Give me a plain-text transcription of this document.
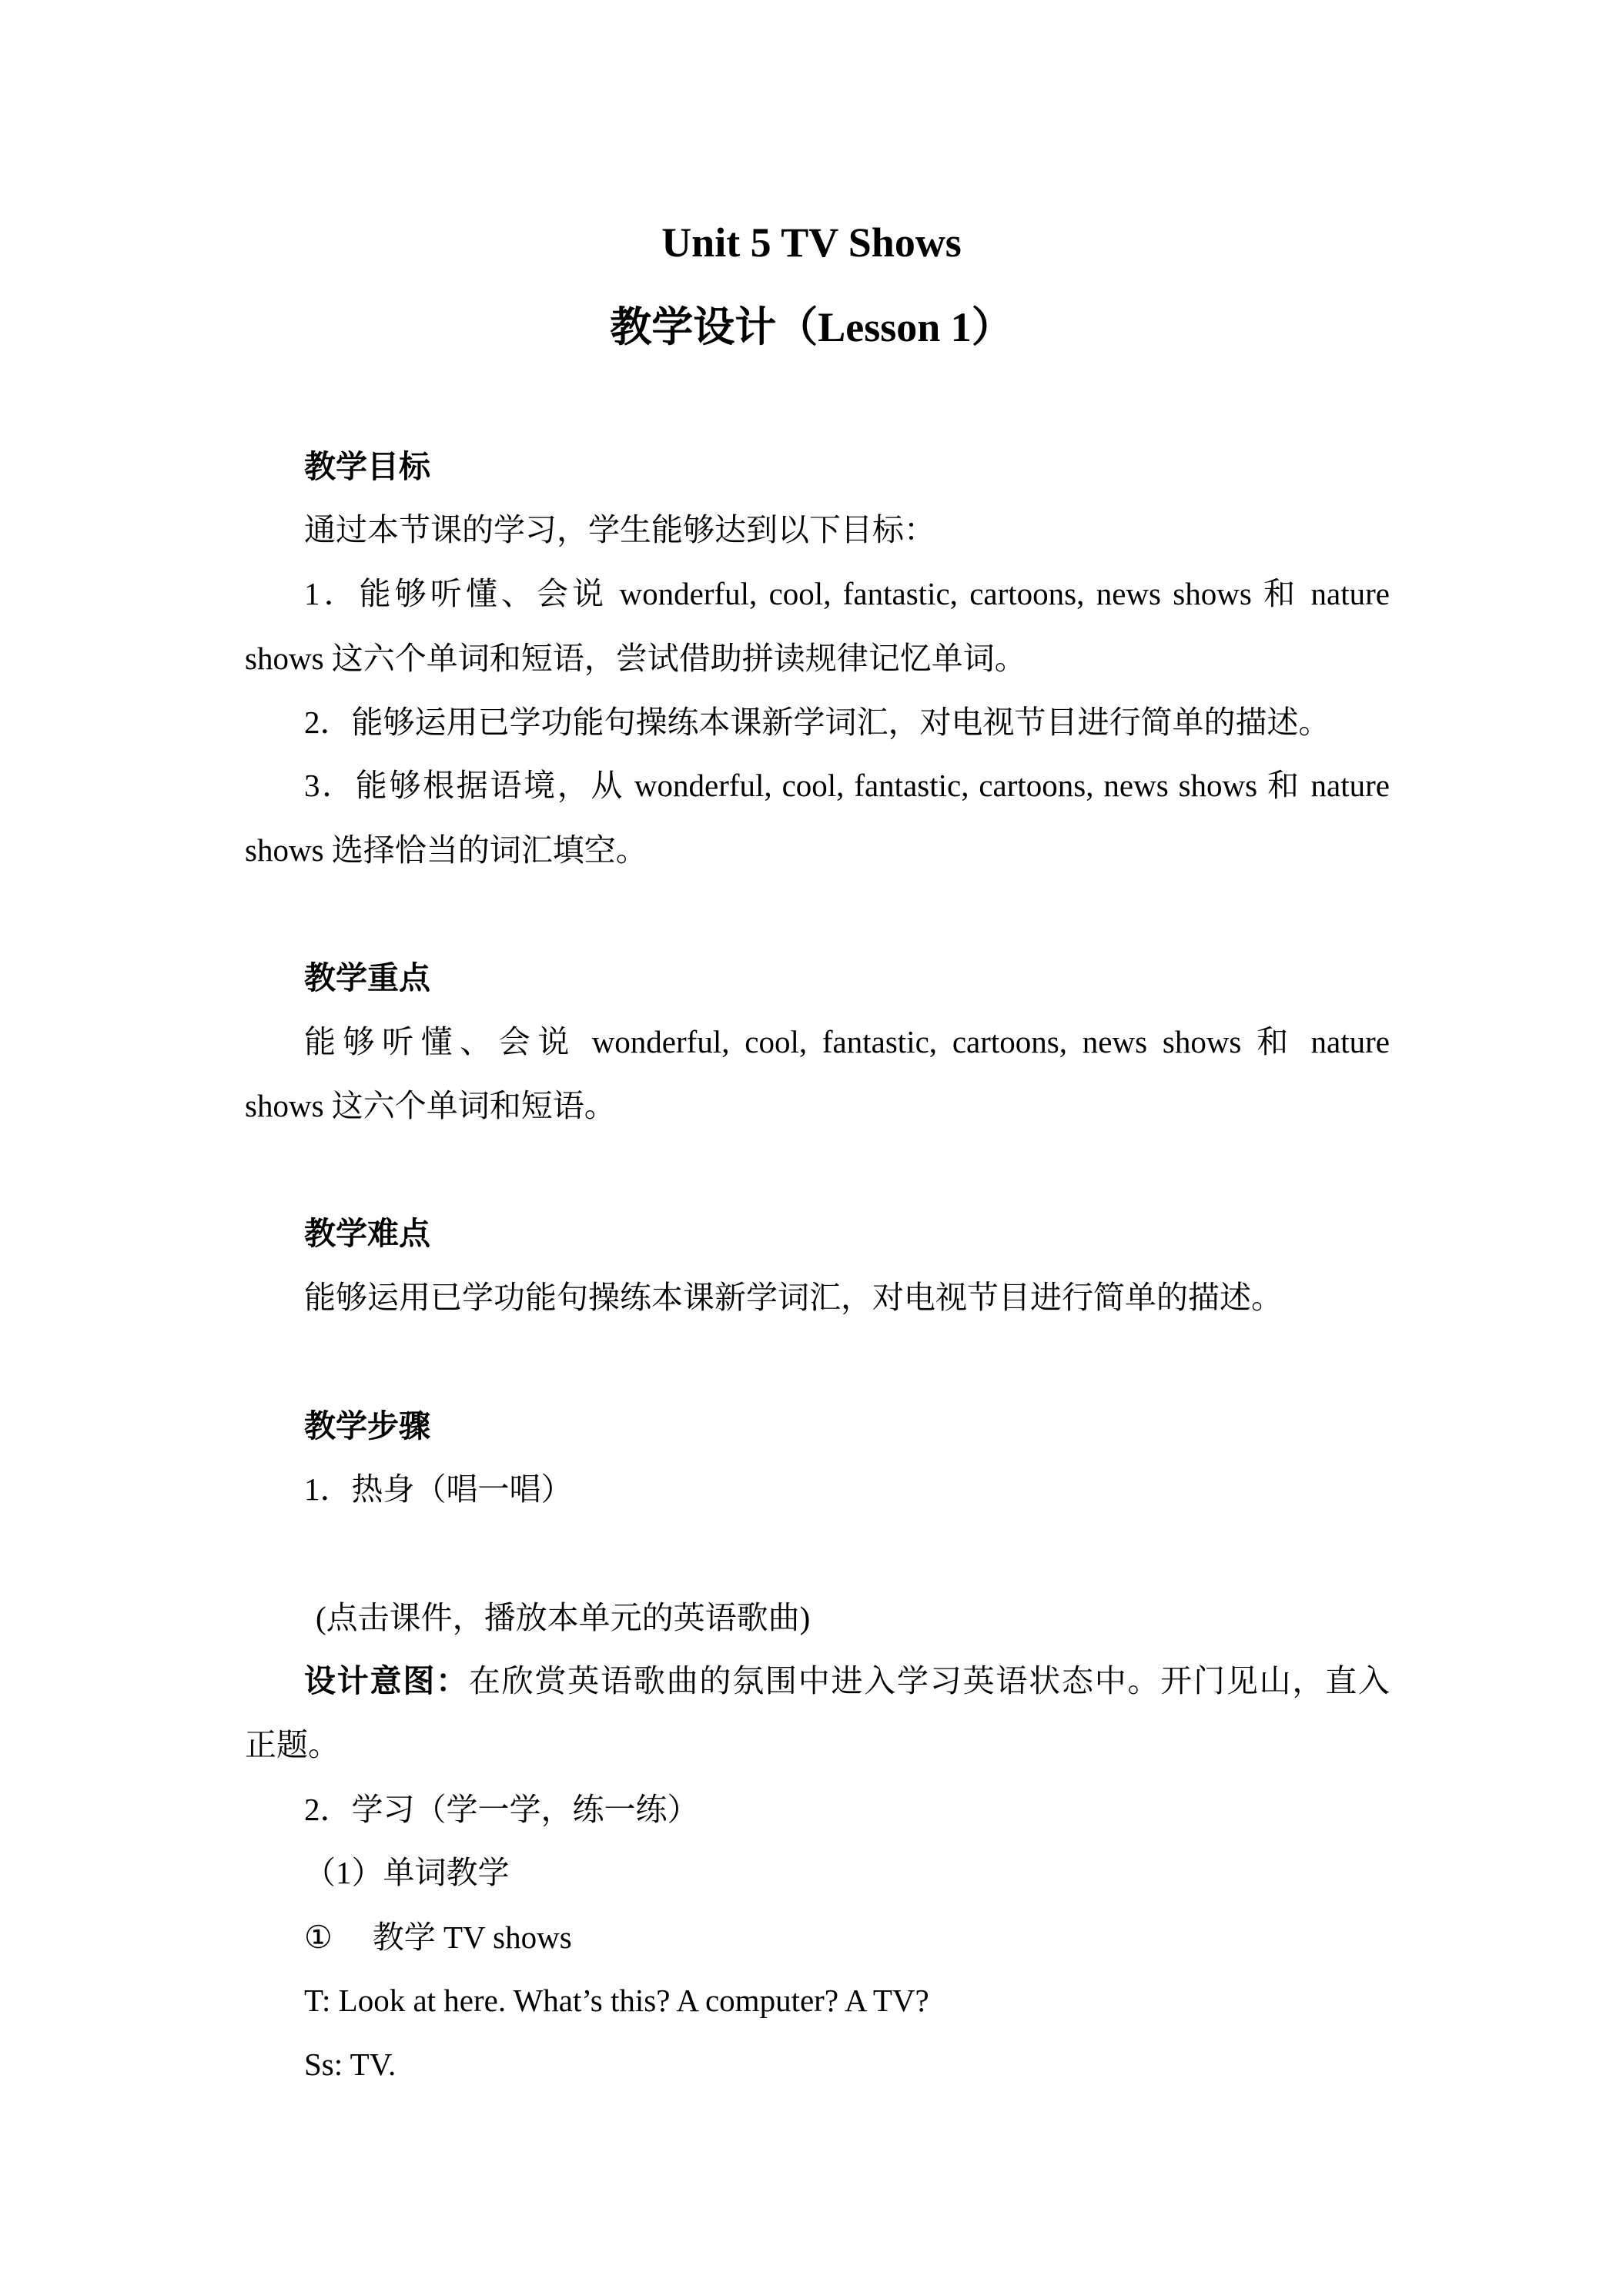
Unit 5 TV Shows
教学设计（Lesson 1）
教学目标
通过本节课的学习，学生能够达到以下目标：
1．能够听懂、会说 wonderful, cool, fantastic, cartoons, news shows 和 nature
shows 这六个单词和短语，尝试借助拼读规律记忆单词。
2．能够运用已学功能句操练本课新学词汇，对电视节目进行简单的描述。
3．能够根据语境，从 wonderful, cool, fantastic, cartoons, news shows 和 nature
shows 选择恰当的词汇填空。
教学重点
能够听懂、会说 wonderful, cool, fantastic, cartoons, news shows 和 nature
shows 这六个单词和短语。
教学难点
能够运用已学功能句操练本课新学词汇，对电视节目进行简单的描述。
教学步骤
1．热身（唱一唱）
(点击课件，播放本单元的英语歌曲)
设计意图：在欣赏英语歌曲的氛围中进入学习英语状态中。开门见山，直入
正题。
2．学习（学一学，练一练）
（1）单词教学
① 教学 TV shows
T: Look at here. What’s this? A computer? A TV?
Ss: TV.
